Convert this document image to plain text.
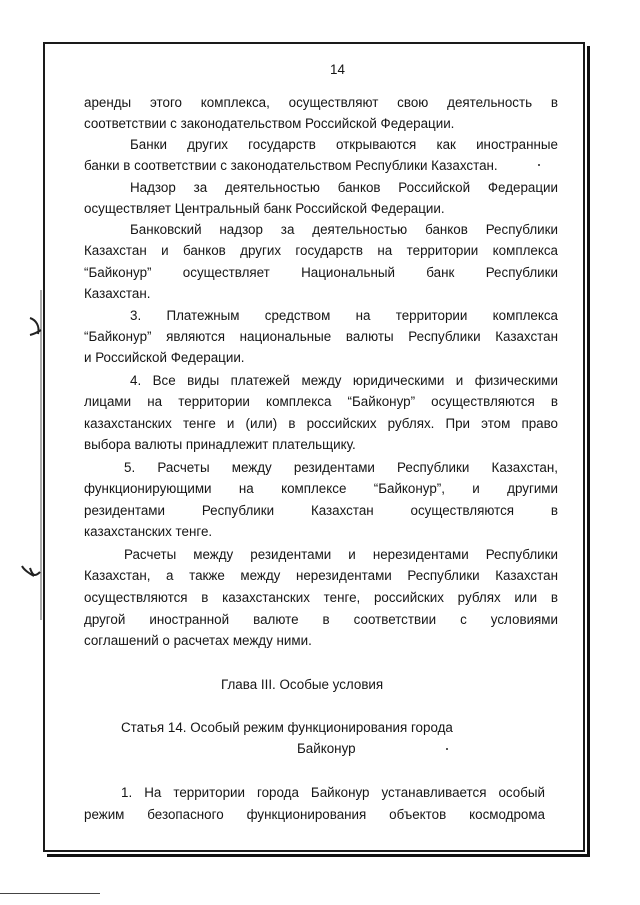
14
аренды этого комплекса, осуществляют свою деятельность в
соответствии с законодательством Российской Федерации.
Банки других государств открываются как иностранные
банки в соответствии с законодательством Республики Казахстан.
Надзор за деятельностью банков Российской Федерации
осуществляет Центральный банк Российской Федерации.
Банковский надзор за деятельностью банков Республики
Казахстан и банков других государств на территории комплекса
“Байконур” осуществляет Национальный банк Республики
Казахстан.
3. Платежным средством на территории комплекса
“Байконур” являются национальные валюты Республики Казахстан
и Российской Федерации.
4. Все виды платежей между юридическими и физическими
лицами на территории комплекса “Байконур” осуществляются в
казахстанских тенге и (или) в российских рублях. При этом право
выбора валюты принадлежит плательщику.
5. Расчеты между резидентами Республики Казахстан,
функционирующими на комплексе “Байконур”, и другими
резидентами Республики Казахстан осуществляются в
казахстанских тенге.
Расчеты между резидентами и нерезидентами Республики
Казахстан, а также между нерезидентами Республики Казахстан
осуществляются в казахстанских тенге, российских рублях или в
другой иностранной валюте в соответствии с условиями
соглашений о расчетах между ними.
Глава III. Особые условия
Статья 14. Особый режим функционирования города
Байконур
1. На территории города Байконур устанавливается особый
режим безопасного функционирования объектов космодрома
